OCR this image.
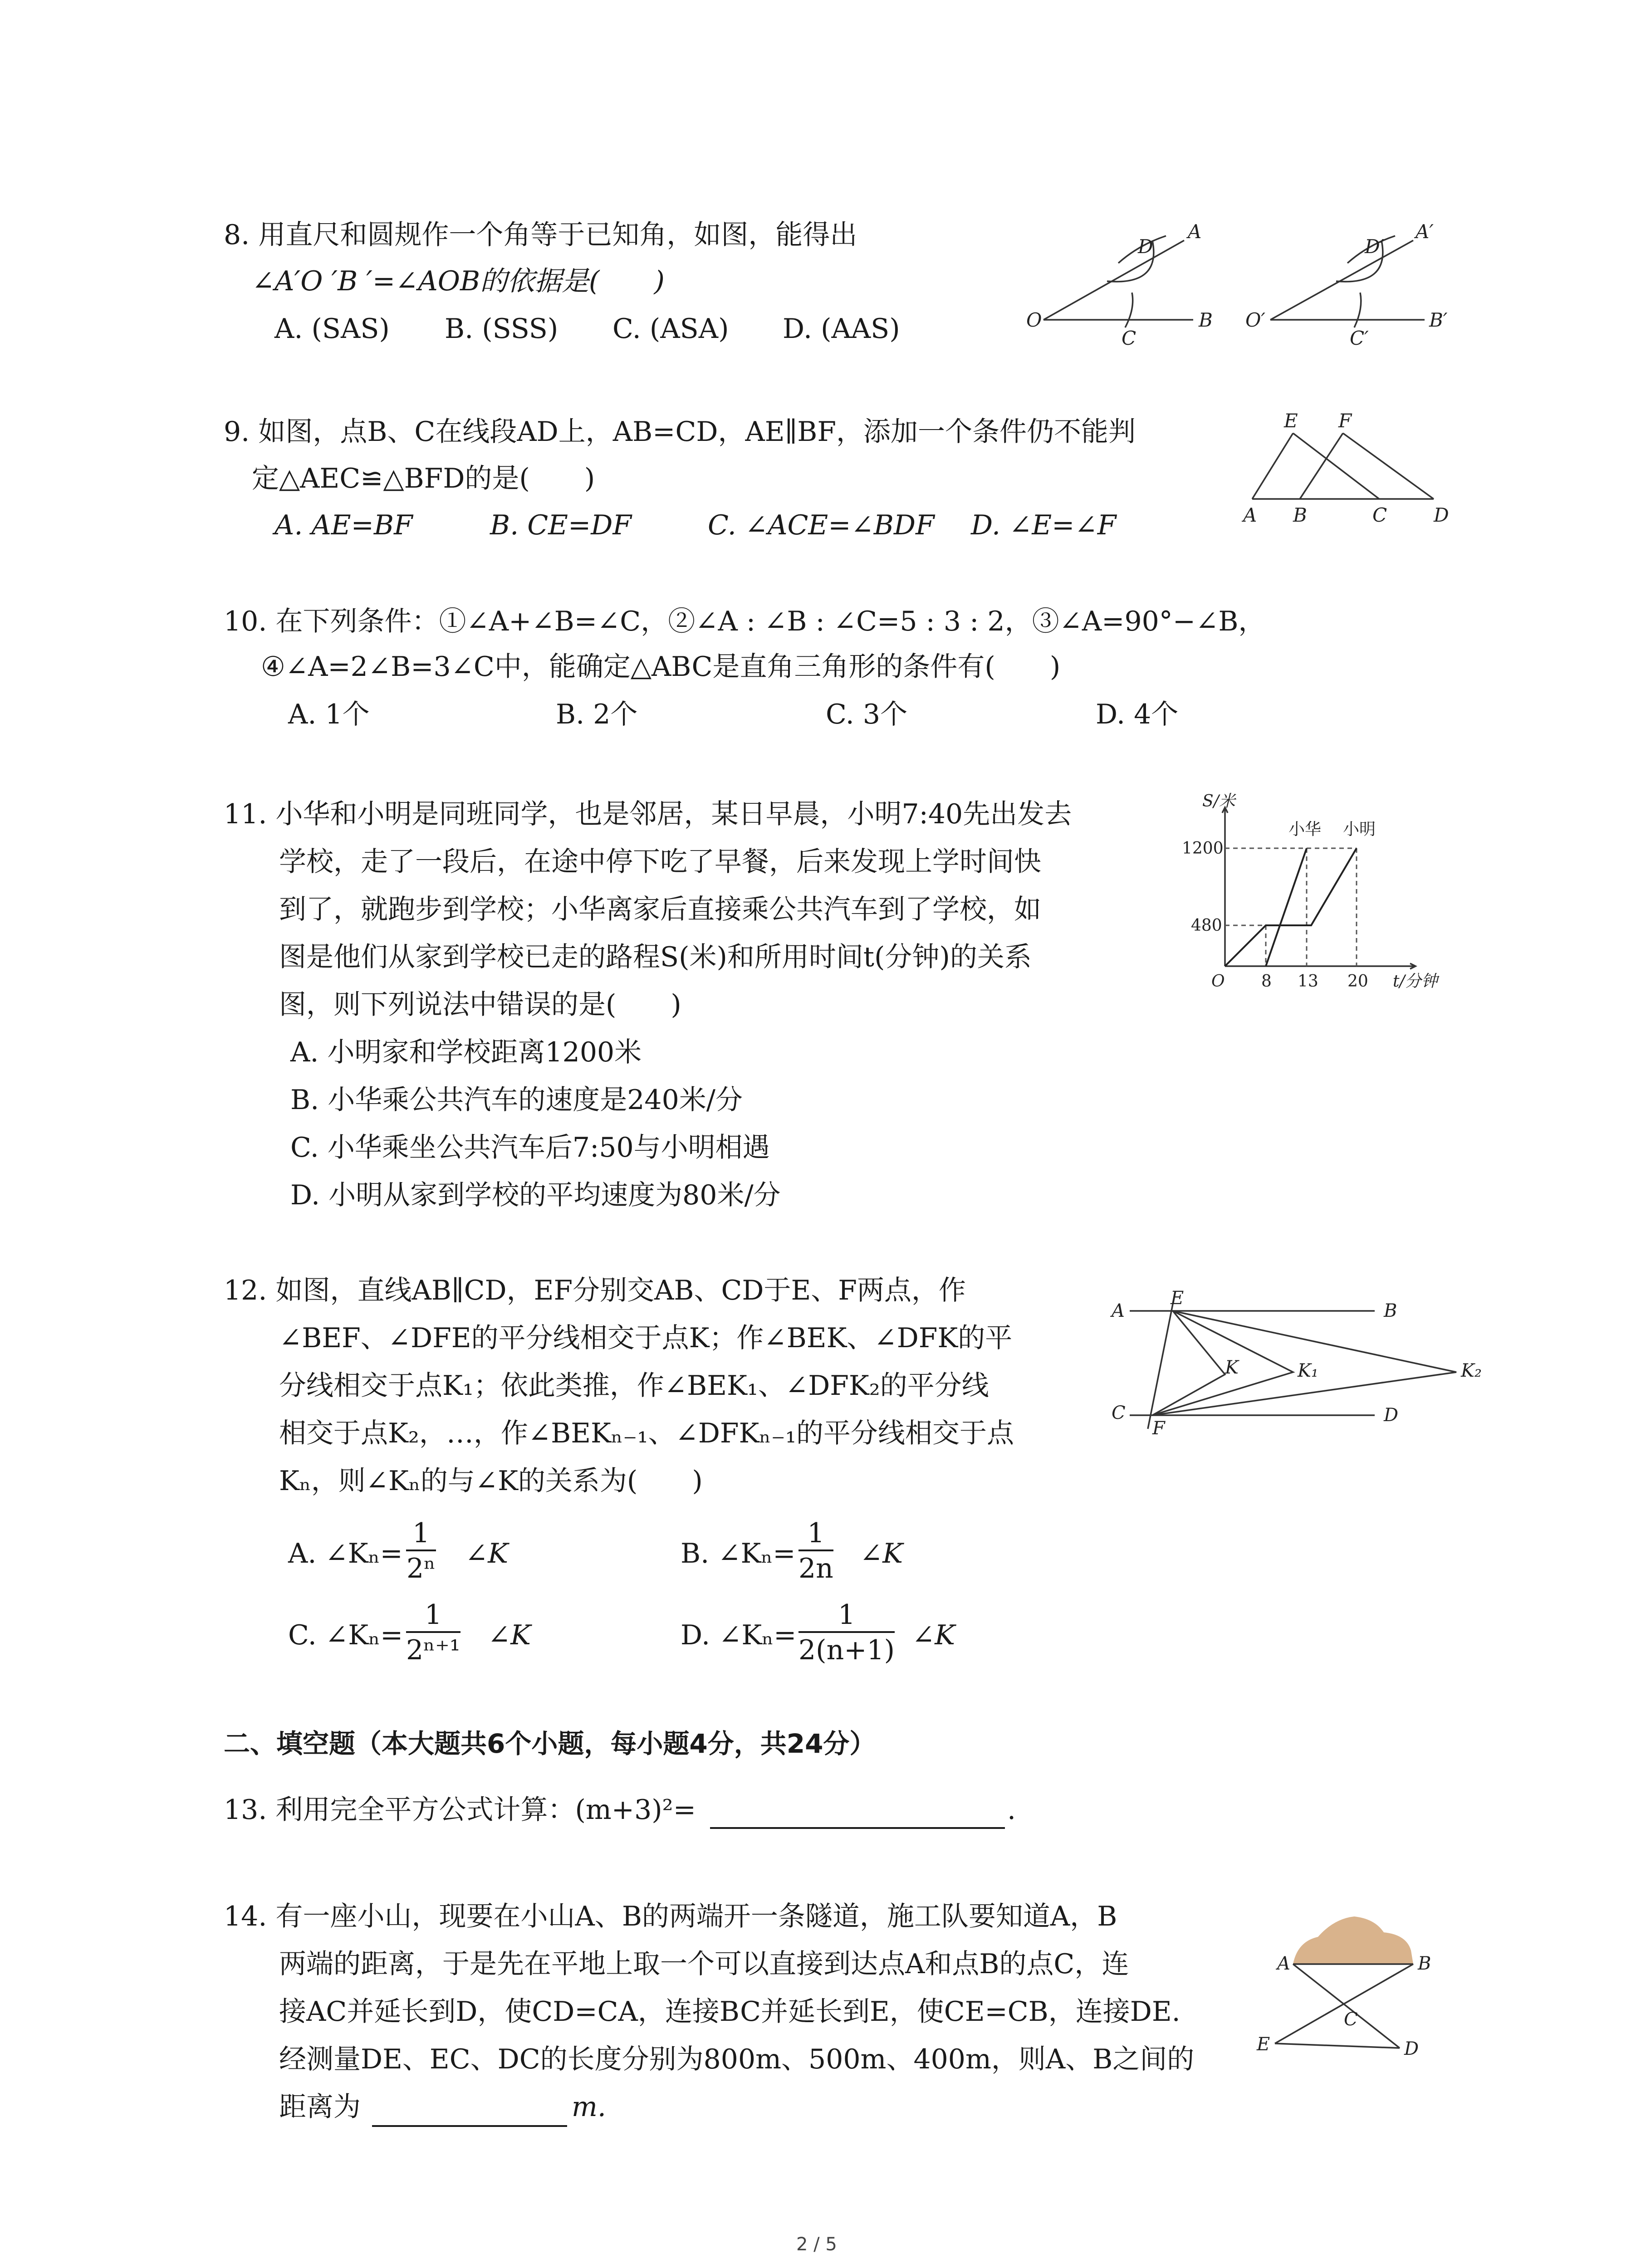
8. 用直尺和圆规作一个角等于已知角，如图，能得出
∠A′O ′B ′=∠AOB的依据是(　　)
A. (SAS) B. (SSS) C. (ASA) D. (AAS)
D
A
O
C
B
D′
A′
O′
C′
B′
9. 如图，点B、C在线段AD上，AB=CD，AE∥BF，添加一个条件仍不能判
定△AEC≌△BFD的是(　　)
A. AE=BF	B. CE=DF	C. ∠ACE=∠BDF D. ∠E=∠F
E F
A B	C D
10. 在下列条件：①∠A+∠B=∠C，②∠A : ∠B : ∠C=5 : 3 : 2，③∠A=90°−∠B，
④∠A=2∠B=3∠C中，能确定△ABC是直角三角形的条件有(　　)
A. 1个	B. 2个	C. 3个	D. 4个
11. 小华和小明是同班同学，也是邻居，某日早晨，小明7:40先出发去
学校，走了一段后，在途中停下吃了早餐，后来发现上学时间快
到了，就跑步到学校；小华离家后直接乘公共汽车到了学校，如
图是他们从家到学校已走的路程S(米)和所用时间t(分钟)的关系
图，则下列说法中错误的是(　　)
A. 小明家和学校距离1200米
B. 小华乘公共汽车的速度是240米/分
C. 小华乘坐公共汽车后7:50与小明相遇
D. 小明从家到学校的平均速度为80米/分
S/米
t/分钟
O
1200
480
8 13 20
小华 小明
12. 如图，直线AB∥CD，EF分别交AB、CD于E、F两点，作
∠BEF、∠DFE的平分线相交于点K；作∠BEK、∠DFK的平
分线相交于点K₁；依此类推，作∠BEK₁、∠DFK₂的平分线
相交于点K₂，…，作∠BEKₙ₋₁、∠DFKₙ₋₁的平分线相交于点
Kₙ，则∠Kₙ的与∠K的关系为(　　)
A. ∠Kₙ= $\frac{1}{\text{2ⁿ}}$ ∠K	B. ∠Kₙ= $\frac{1}{2n}$ ∠K
C. ∠Kₙ= $\frac{1}{\text{2ⁿ⁺¹}}$ ∠K	D. ∠Kₙ= $\frac{1}{2(n+1)}$ ∠K
A
E
B
K	K₁	K₂
C
F
D
二、填空题（本大题共6个小题，每小题4分，共24分）
13. 利用完全平方公式计算：(m+3)²=	.
14. 有一座小山，现要在小山A、B的两端开一条隧道，施工队要知道A，B
两端的距离，于是先在平地上取一个可以直接到达点A和点B的点C，连
接AC并延长到D，使CD=CA，连接BC并延长到E，使CE=CB，连接DE.
经测量DE、EC、DC的长度分别为800m、500m、400m，则A、B之间的
距离为	m.
A	B
C
E	D
2 / 5
